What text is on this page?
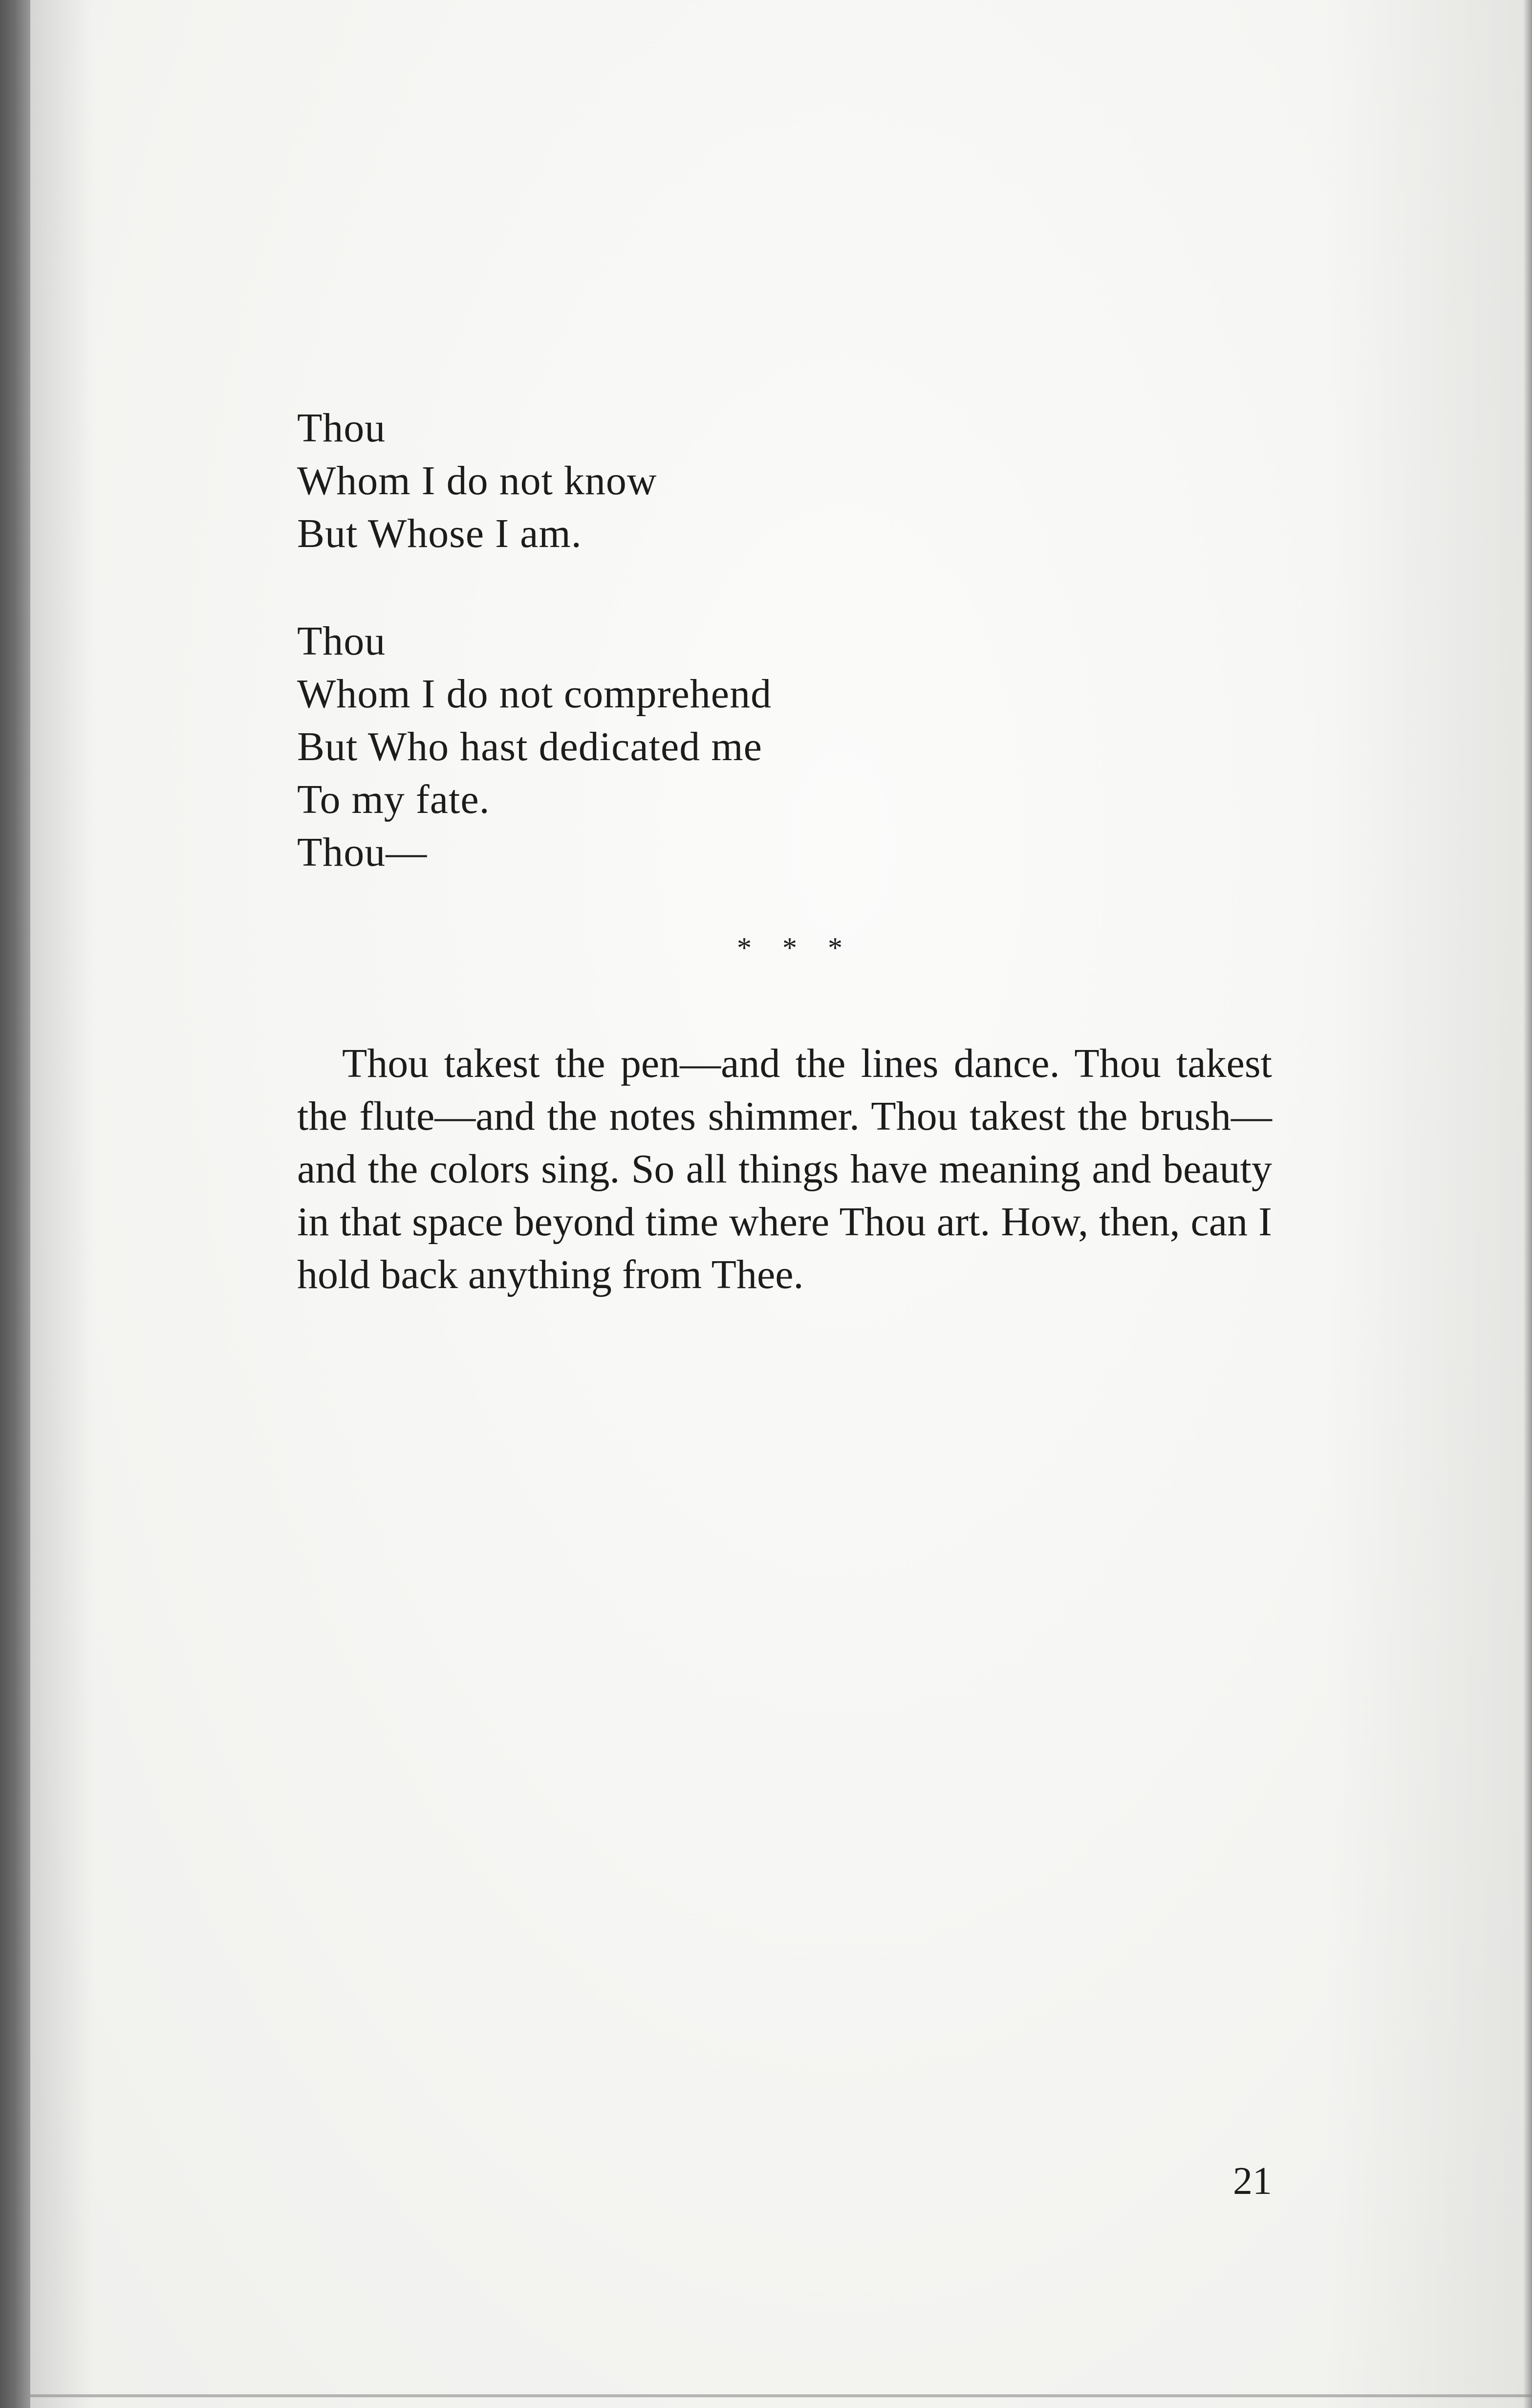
Thou
Whom I do not know
But Whose I am.
Thou
Whom I do not comprehend
But Who hast dedicated me
To my fate.
Thou—
* * *

Thou takest the pen—and the lines dance. Thou takest the flute—and the notes shimmer. Thou takest the brush—and the colors sing. So all things have meaning and beauty in that space beyond time where Thou art. How, then, can I hold back anything from Thee.

21
